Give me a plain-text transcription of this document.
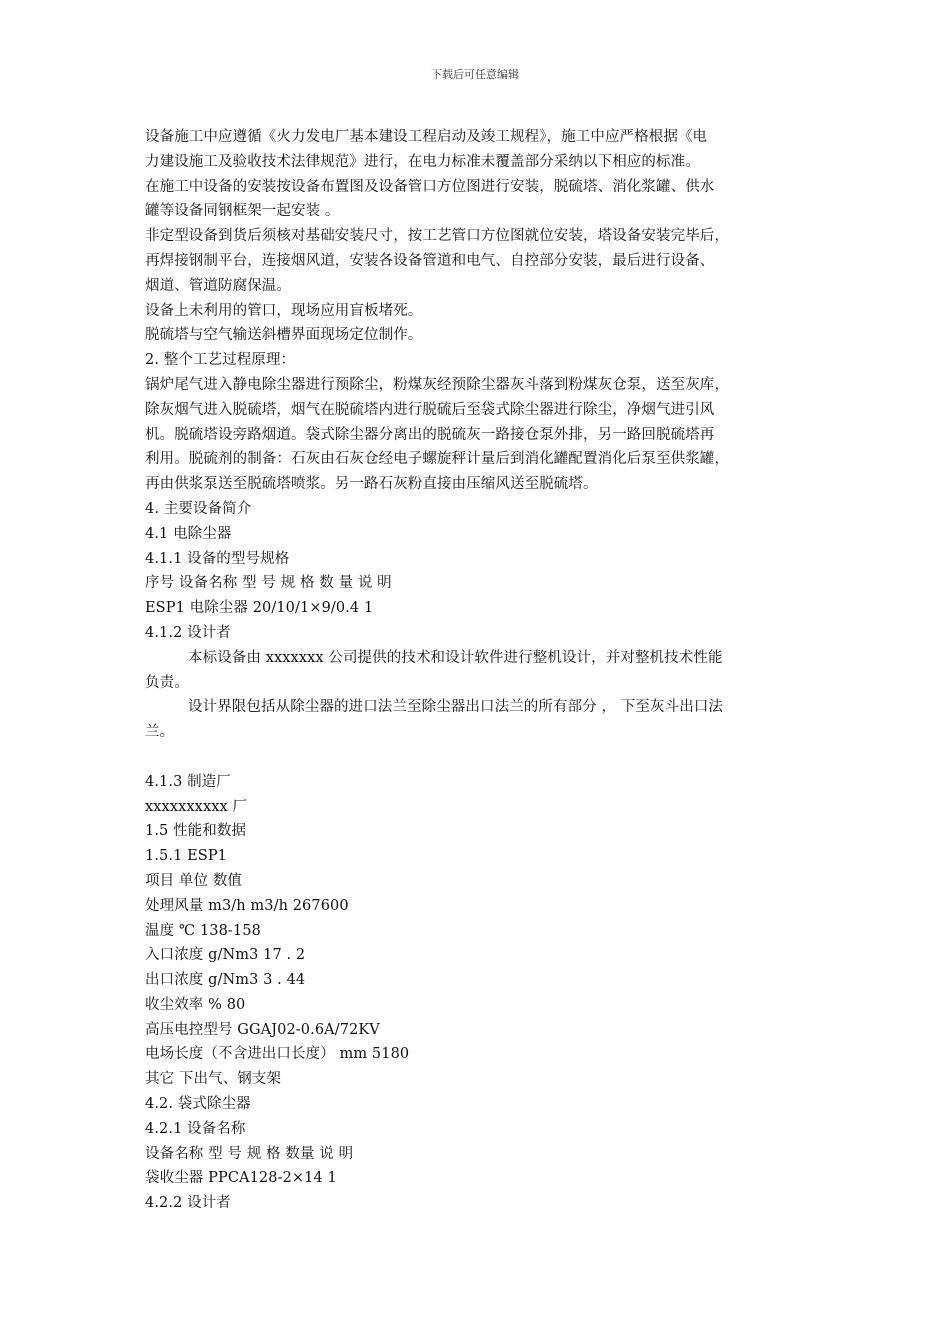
下载后可任意编辑
设备施工中应遵循《火力发电厂基本建设工程启动及竣工规程》，施工中应严格根据《电
力建设施工及验收技术法律规范》进行，在电力标准未覆盖部分采纳以下相应的标准。
在施工中设备的安装按设备布置图及设备管口方位图进行安装，脱硫塔、消化浆罐、供水
罐等设备同钢框架一起安装 。
非定型设备到货后须核对基础安装尺寸，按工艺管口方位图就位安装，塔设备安装完毕后，
再焊接钢制平台，连接烟风道，安装各设备管道和电气、自控部分安装，最后进行设备、
烟道、管道防腐保温。
设备上未利用的管口，现场应用盲板堵死。
脱硫塔与空气输送斜槽界面现场定位制作。
2. 整个工艺过程原理：
锅炉尾气进入静电除尘器进行预除尘，粉煤灰经预除尘器灰斗落到粉煤灰仓泵，送至灰库，
除灰烟气进入脱硫塔，烟气在脱硫塔内进行脱硫后至袋式除尘器进行除尘，净烟气进引风
机。脱硫塔设旁路烟道。袋式除尘器分离出的脱硫灰一路接仓泵外排，另一路回脱硫塔再
利用。脱硫剂的制备：石灰由石灰仓经电子螺旋秤计量后到消化罐配置消化后泵至供浆罐，
再由供浆泵送至脱硫塔喷浆。另一路石灰粉直接由压缩风送至脱硫塔。
4. 主要设备简介
4.1 电除尘器
4.1.1 设备的型号规格
序号 设备名称 型 号 规 格 数 量 说 明
ESP1 电除尘器 20/10/1×9/0.4 1
4.1.2 设计者
本标设备由 xxxxxxx 公司提供的技术和设计软件进行整机设计，并对整机技术性能
负责。
设计界限包括从除尘器的进口法兰至除尘器出口法兰的所有部分 ， 下至灰斗出口法
兰。
4.1.3 制造厂
xxxxxxxxxx 厂
1.5 性能和数据
1.5.1 ESP1
项目 单位 数值
处理风量 m3/h m3/h 267600
温度 ℃ 138-158
入口浓度 g/Nm3 17 . 2
出口浓度 g/Nm3 3 . 44
收尘效率 % 80
高压电控型号 GGAJ02-0.6A/72KV
电场长度（不含进出口长度） mm 5180
其它 下出气、钢支架
4.2. 袋式除尘器
4.2.1 设备名称
设备名称 型 号 规 格 数量 说 明
袋收尘器 PPCA128-2×14 1
4.2.2 设计者
